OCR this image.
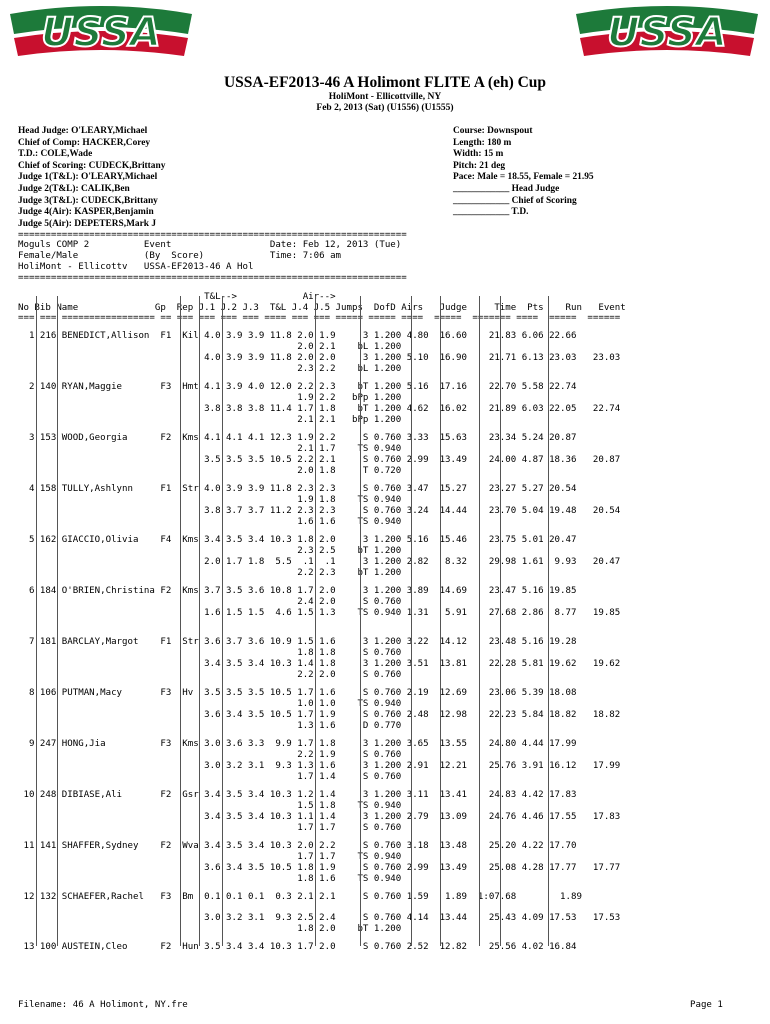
USSA	USSA
USSA-EF2013-46 A Holimont FLITE A (eh) Cup
HoliMont - Ellicottville, NY
Feb 2, 2013 (Sat) (U1556) (U1555)
Head Judge: O'LEARY,Michael
Chief of Comp: HACKER,Corey
T.D.: COLE,Wade
Chief of Scoring: CUDECK,Brittany
Judge 1(T&L): O'LEARY,Michael
Judge 2(T&L): CALIK,Ben
Judge 3(T&L): CUDECK,Brittany
Judge 4(Air): KASPER,Benjamin
Judge 5(Air): DEPETERS,Mark J
Course: Downspout
Length: 180 m
Width: 15 m
Pitch: 21 deg
Pace: Male = 18.55, Female = 21.95
____________ Head Judge
____________ Chief of Scoring
____________ T.D.
=======================================================================
Moguls COMP 2          Event                  Date: Feb 12, 2013 (Tue)
Female/Male            (By  Score)            Time: 7:06 am
HoliMont - Ellicottv   USSA-EF2013-46 A Hol
=======================================================================
T&L-->            Air-->
No Bib Name              Gp  Rep J.1 J.2 J.3  T&L J.4 J.5 Jumps  DofD Airs   Judge     Time  Pts    Run   Event
=== === ================= == === === === === ==== === === ===== ===== ====  =====  ======= ====  =====  ======
1 216 BENEDICT,Allison  F1  Kil 4.0 3.9 3.9 11.8 2.0 1.9     3 1.200 4.80  16.60    21.83 6.06 22.66
2.0 2.1    bL 1.200
4.0 3.9 3.9 11.8 2.0 2.0     3 1.200 5.10  16.90    21.71 6.13 23.03   23.03
2.3 2.2    bL 1.200
2 140 RYAN,Maggie       F3  Hmt 4.1 3.9 4.0 12.0 2.2 2.3    bT 1.200 5.16  17.16    22.70 5.58 22.74
1.9 2.2   bPp 1.200
3.8 3.8 3.8 11.4 1.7 1.8    bT 1.200 4.62  16.02    21.89 6.03 22.05   22.74
2.1 2.1   bPp 1.200
3 153 WOOD,Georgia      F2  Kms 4.1 4.1 4.1 12.3 1.9 2.2     S 0.760 3.33  15.63    23.34 5.24 20.87
2.1 1.7    TS 0.940
3.5 3.5 3.5 10.5 2.2 2.1     S 0.760 2.99  13.49    24.00 4.87 18.36   20.87
2.0 1.8     T 0.720
4 158 TULLY,Ashlynn     F1  Str 4.0 3.9 3.9 11.8 2.3 2.3     S 0.760 3.47  15.27    23.27 5.27 20.54
1.9 1.8    TS 0.940
3.8 3.7 3.7 11.2 2.3 2.3     S 0.760 3.24  14.44    23.70 5.04 19.48   20.54
1.6 1.6    TS 0.940
5 162 GIACCIO,Olivia    F4  Kms 3.4 3.5 3.4 10.3 1.8 2.0     3 1.200 5.16  15.46    23.75 5.01 20.47
2.3 2.5    bT 1.200
2.0 1.7 1.8  5.5  .1  .1     3 1.200 2.82   8.32    29.98 1.61  9.93   20.47
2.2 2.3    bT 1.200
6 184 O'BRIEN,Christina F2  Kms 3.7 3.5 3.6 10.8 1.7 2.0     3 1.200 3.89  14.69    23.47 5.16 19.85
2.4 2.0     S 0.760
1.6 1.5 1.5  4.6 1.5 1.3    TS 0.940 1.31   5.91    27.68 2.86  8.77   19.85
7 181 BARCLAY,Margot    F1  Str 3.6 3.7 3.6 10.9 1.5 1.6     3 1.200 3.22  14.12    23.48 5.16 19.28
1.8 1.8     S 0.760
3.4 3.5 3.4 10.3 1.4 1.8     3 1.200 3.51  13.81    22.28 5.81 19.62   19.62
2.2 2.0     S 0.760
8 106 PUTMAN,Macy       F3  Hv  3.5 3.5 3.5 10.5 1.7 1.6     S 0.760 2.19  12.69    23.06 5.39 18.08
1.0 1.0    TS 0.940
3.6 3.4 3.5 10.5 1.7 1.9     S 0.760 2.48  12.98    22.23 5.84 18.82   18.82
1.3 1.6     D 0.770
9 247 HONG,Jia          F3  Kms 3.0 3.6 3.3  9.9 1.7 1.8     3 1.200 3.65  13.55    24.80 4.44 17.99
2.2 1.9     S 0.760
3.0 3.2 3.1  9.3 1.3 1.6     3 1.200 2.91  12.21    25.76 3.91 16.12   17.99
1.7 1.4     S 0.760
10 248 DIBIASE,Ali       F2  Gsr 3.4 3.5 3.4 10.3 1.2 1.4     3 1.200 3.11  13.41    24.83 4.42 17.83
1.5 1.8    TS 0.940
3.4 3.5 3.4 10.3 1.1 1.4     3 1.200 2.79  13.09    24.76 4.46 17.55   17.83
1.7 1.7     S 0.760
11 141 SHAFFER,Sydney    F2  Wva 3.4 3.5 3.4 10.3 2.0 2.2     S 0.760 3.18  13.48    25.20 4.22 17.70
1.7 1.7    TS 0.940
3.6 3.4 3.5 10.5 1.8 1.9     S 0.760 2.99  13.49    25.08 4.28 17.77   17.77
1.8 1.6    TS 0.940
12 132 SCHAEFER,Rachel   F3  Bm  0.1 0.1 0.1  0.3 2.1 2.1     S 0.760 1.59   1.89  1:07.68        1.89
3.0 3.2 3.1  9.3 2.5 2.4     S 0.760 4.14  13.44    25.43 4.09 17.53   17.53
1.8 2.0    bT 1.200
13 100 AUSTEIN,Cleo      F2  Hun 3.5 3.4 3.4 10.3 1.7 2.0     S 0.760 2.52  12.82    25.56 4.02 16.84
Filename: 46 A Holimont, NY.fre	Page 1
